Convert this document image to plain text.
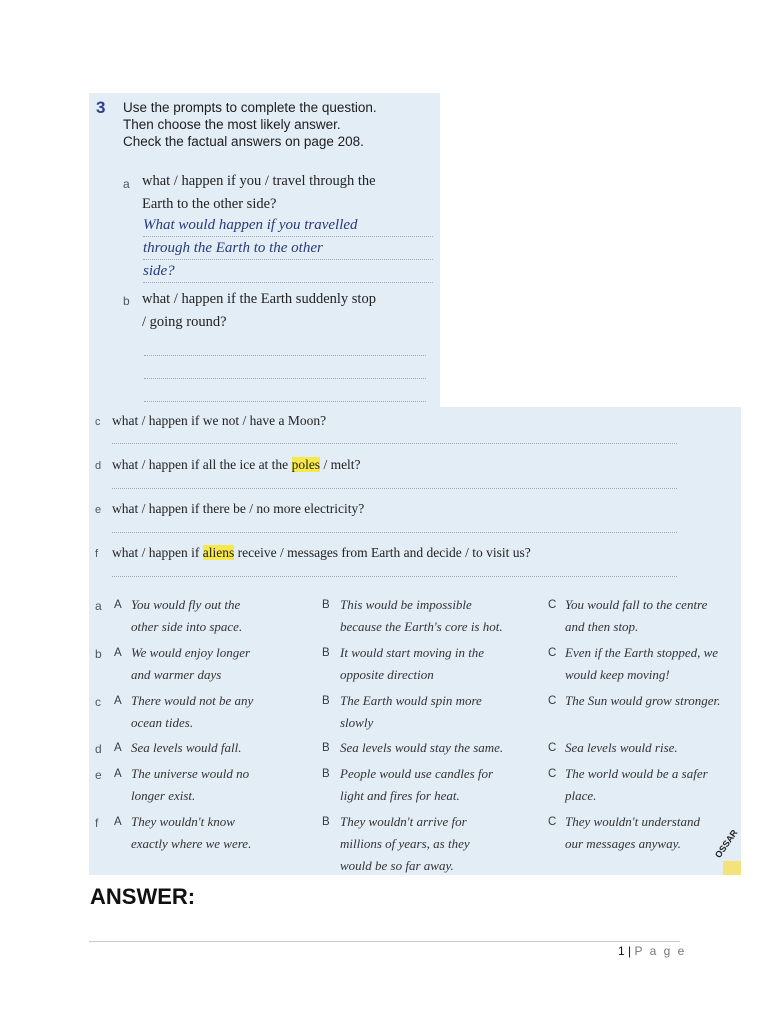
3 Use the prompts to complete the question.
Then choose the most likely answer.
Check the factual answers on page 208.
a what / happen if you / travel through the
Earth to the other side?
What would happen if you travelled
through the Earth to the other
side?
b what / happen if the Earth suddenly stop
/ going round?
c what / happen if we not / have a Moon?
d what / happen if all the ice at the poles / melt?
e what / happen if there be / no more electricity?
f what / happen if aliens receive / messages from Earth and decide / to visit us?
a A You would fly out the
other side into space.
B This would be impossible
because the Earth's core is hot.
C You would fall to the centre
and then stop.
b A We would enjoy longer
and warmer days
B It would start moving in the
opposite direction
C Even if the Earth stopped, we
would keep moving!
c A There would not be any
ocean tides.
B The Earth would spin more
slowly
C The Sun would grow stronger.
d A Sea levels would fall.	B Sea levels would stay the same.	C Sea levels would rise.
e A The universe would no
longer exist.
B People would use candles for
light and fires for heat.
C The world would be a safer
place.
f A They wouldn't know
exactly where we were.
B They wouldn't arrive for
millions of years, as they
would be so far away.
C They wouldn't understand
our messages anyway.	OSSAR
ANSWER:
1 | P a g e
